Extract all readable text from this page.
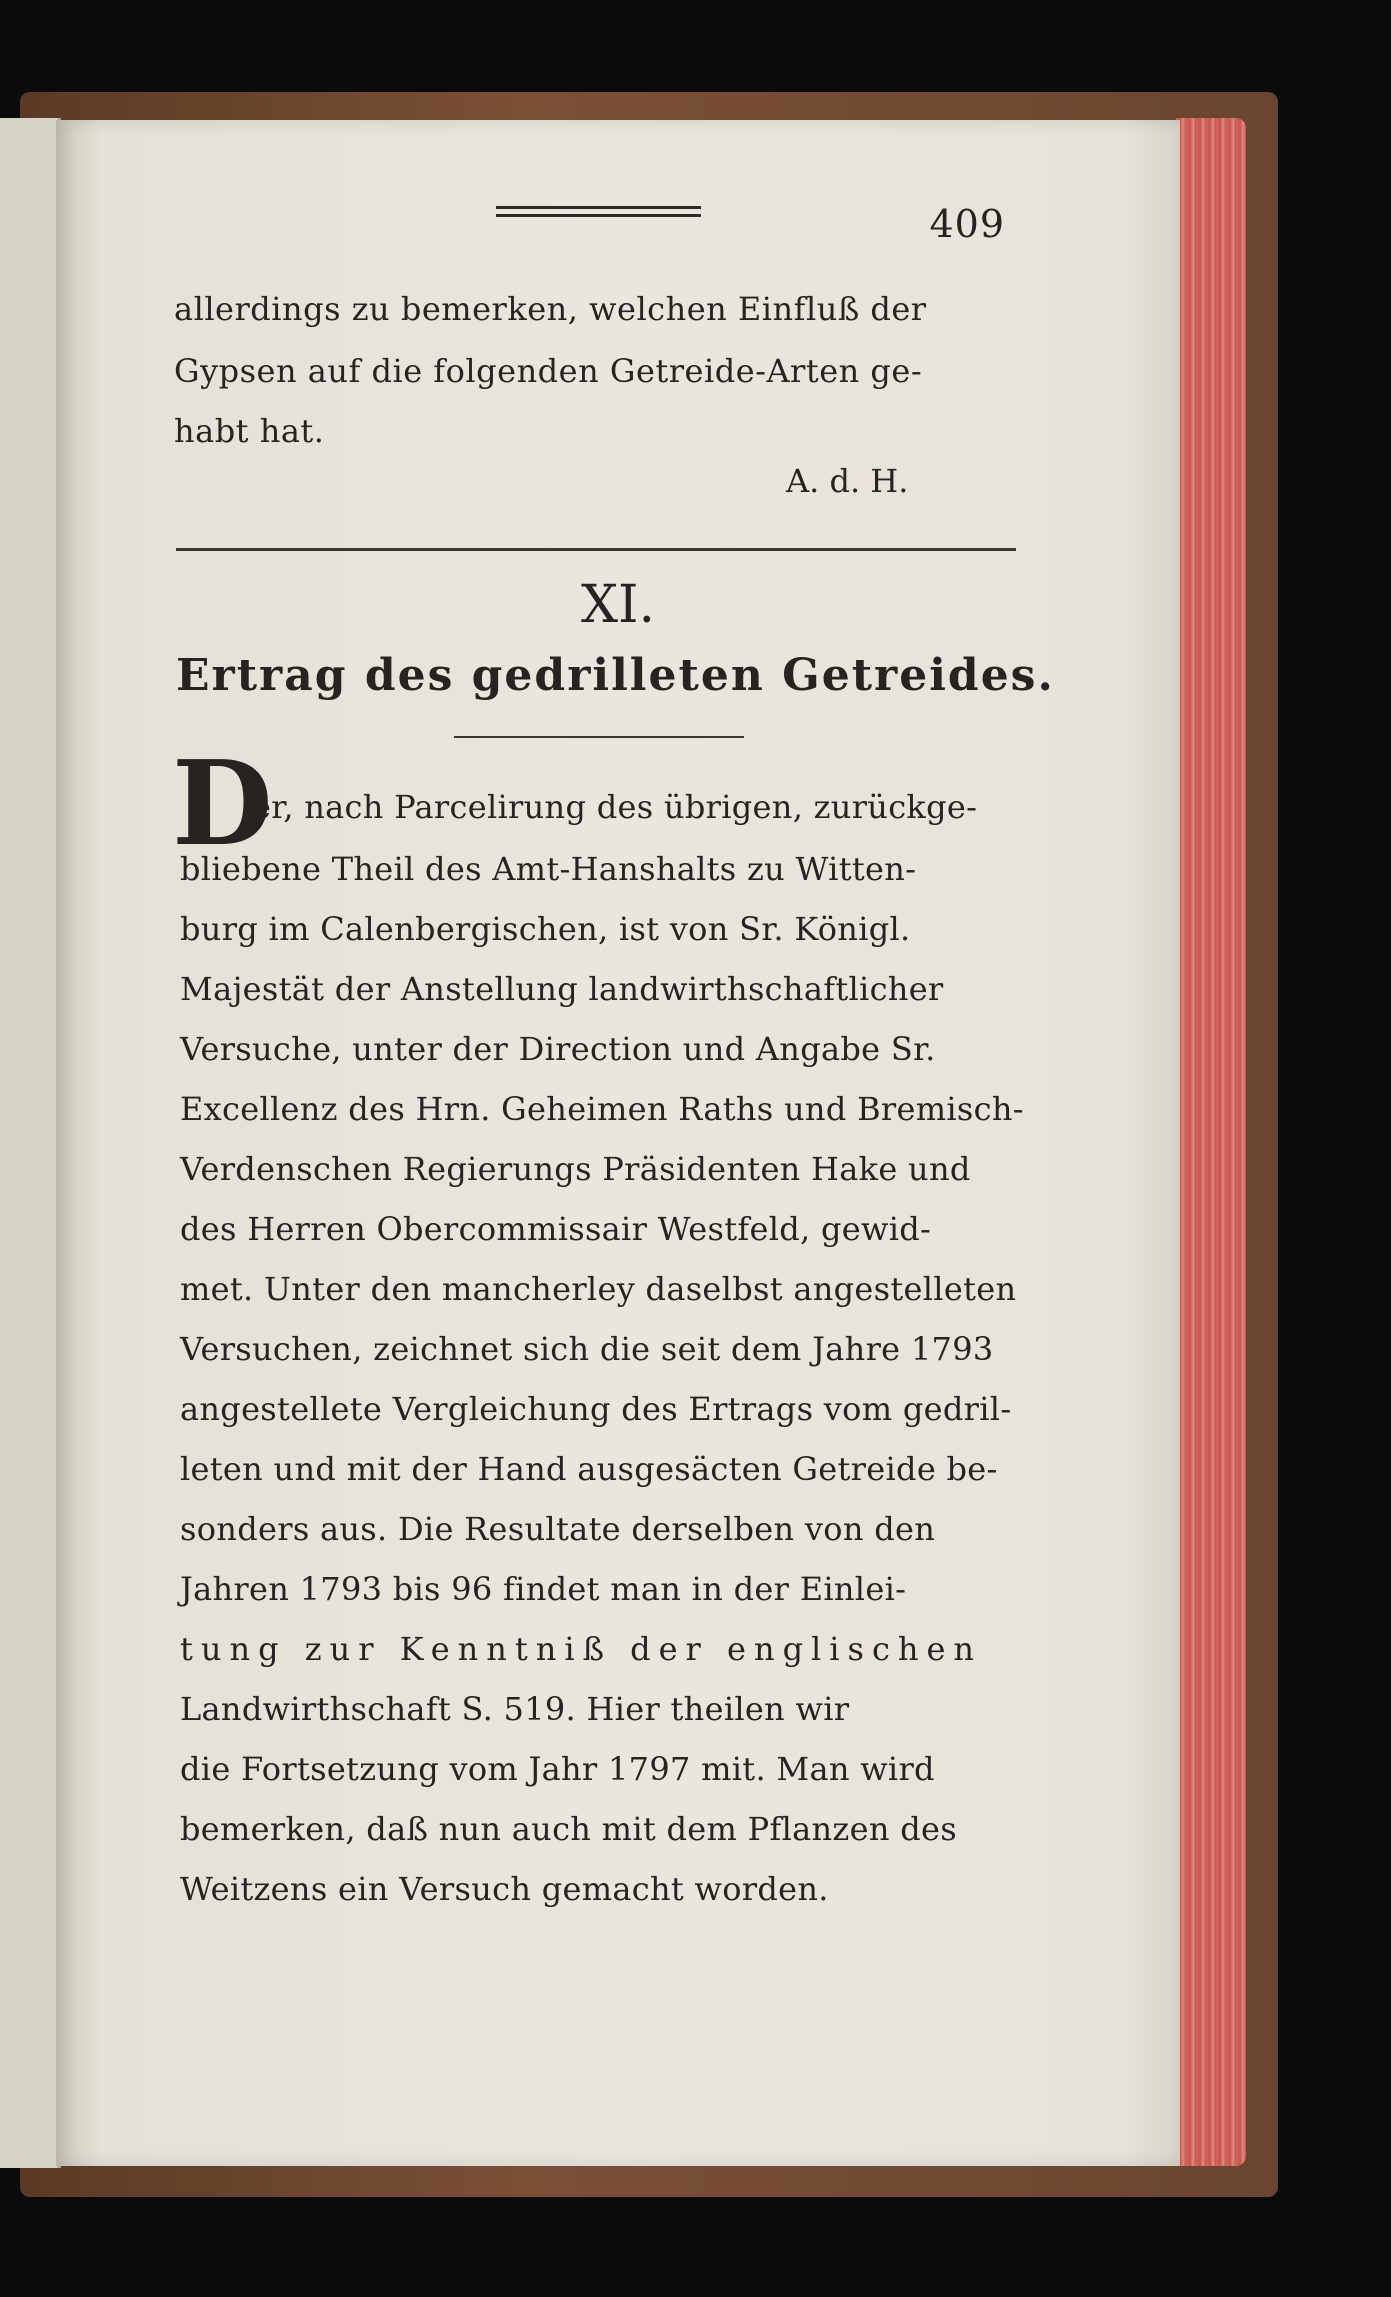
409
allerdings zu bemerken, welchen Einfluß der
Gypsen auf die folgenden Getreide-Arten ge-
habt hat.
A. d. H.
XI.
Ertrag des gedrilleten Getreides.
D
er, nach Parcelirung des übrigen, zurückge-
bliebene Theil des Amt-Hanshalts zu Witten-
burg im Calenbergischen, ist von Sr. Königl.
Majestät der Anstellung landwirthschaftlicher
Versuche, unter der Direction und Angabe Sr.
Excellenz des Hrn. Geheimen Raths und Bremisch-
Verdenschen Regierungs Präsidenten Hake und
des Herren Obercommissair Westfeld, gewid-
met. Unter den mancherley daselbst angestelleten
Versuchen, zeichnet sich die seit dem Jahre 1793
angestellete Vergleichung des Ertrags vom gedril-
leten und mit der Hand ausgesäcten Getreide be-
sonders aus. Die Resultate derselben von den
Jahren 1793 bis 96 findet man in der Einlei-
tung zur Kenntniß der englischen
Landwirthschaft S. 519. Hier theilen wir
die Fortsetzung vom Jahr 1797 mit. Man wird
bemerken, daß nun auch mit dem Pflanzen des
Weitzens ein Versuch gemacht worden.
